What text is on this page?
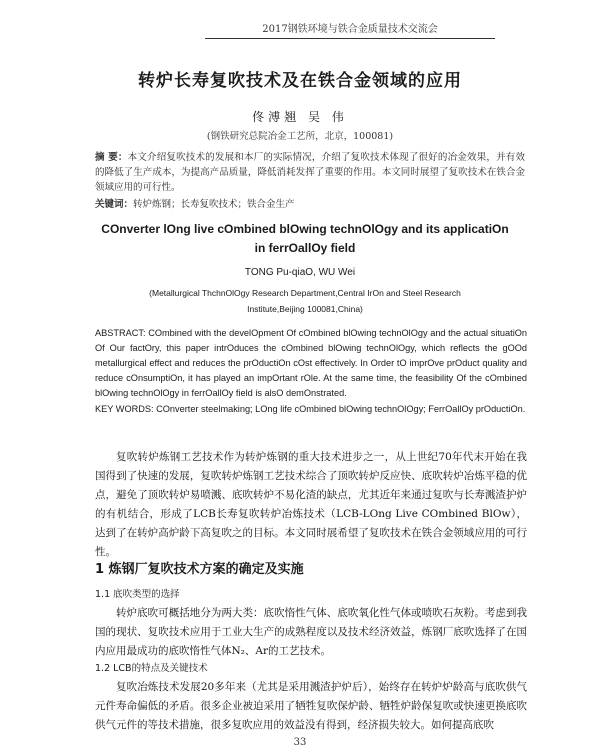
2017钢铁环境与铁合金质量技术交流会
转炉长寿复吹技术及在铁合金领域的应用
佟溥翘 吴 伟
(钢铁研究总院冶金工艺所，北京，100081)
摘 要：本文介绍复吹技术的发展和本厂的实际情况，介绍了复吹技术体现了很好的冶金效果，并有效的降低了生产成本，为提高产品质量，降低消耗发挥了重要的作用。本文同时展望了复吹技术在铁合金领域应用的可行性。
关键词：转炉炼钢；长寿复吹技术；铁合金生产
COnverter lOng live cOmbined blOwing technOlOgy and its applicatiOn in ferrOallOy field
TONG Pu-qiaO, WU Wei
(Metallurgical ThchnOlOgy Research Department,Central IrOn and Steel Research Institute,Beijing 100081,China)
ABSTRACT: COmbined with the develOpment Of cOmbined blOwing technOlOgy and the actual situatiOn Of Our factOry, this paper intrOduces the cOmbined blOwing technOlOgy, which reflects the gOOd metallurgical effect and reduces the prOductiOn cOst effectively. In Order tO imprOve prOduct quality and reduce cOnsumptiOn, it has played an impOrtant rOle. At the same time, the feasibility Of the cOmbined blOwing technOlOgy in ferrOallOy field is alsO demOnstrated.
KEY WORDS: COnverter steelmaking; LOng life cOmbined blOwing technOlOgy; FerrOallOy prOductiOn.
复吹转炉炼钢工艺技术作为转炉炼钢的重大技术进步之一，从上世纪70年代末开始在我国得到了快速的发展，复吹转炉炼钢工艺技术综合了顶吹转炉反应快、底吹转炉冶炼平稳的优点，避免了顶吹转炉易喷溅、底吹转炉不易化渣的缺点，尤其近年来通过复吹与长寿溅渣护炉的有机结合，形成了LCB长寿复吹转炉冶炼技术（LCB-LOng Live COmbined BlOw），达到了在转炉高炉龄下高复吹之的目标。本文同时展希望了复吹技术在铁合金领域应用的可行性。
1 炼钢厂复吹技术方案的确定及实施
1.1 底吹类型的选择
转炉底吹可概括地分为两大类：底吹惰性气体、底吹氧化性气体或喷吹石灰粉。考虑到我国的现状、复吹技术应用于工业大生产的成熟程度以及技术经济效益，炼钢厂底吹选择了在国内应用最成功的底吹惰性气体N₂、Ar的工艺技术。
1.2 LCB的特点及关键技术
复吹冶炼技术发展20多年来（尤其是采用溅渣护炉后），始终存在转炉炉龄高与底吹供气元件寿命偏低的矛盾。很多企业被迫采用了牺牲复吹保炉龄、牺牲炉龄保复吹或快速更换底吹供气元件的等技术措施，很多复吹应用的效益没有得到，经济损失较大。如何提高底吹
33
